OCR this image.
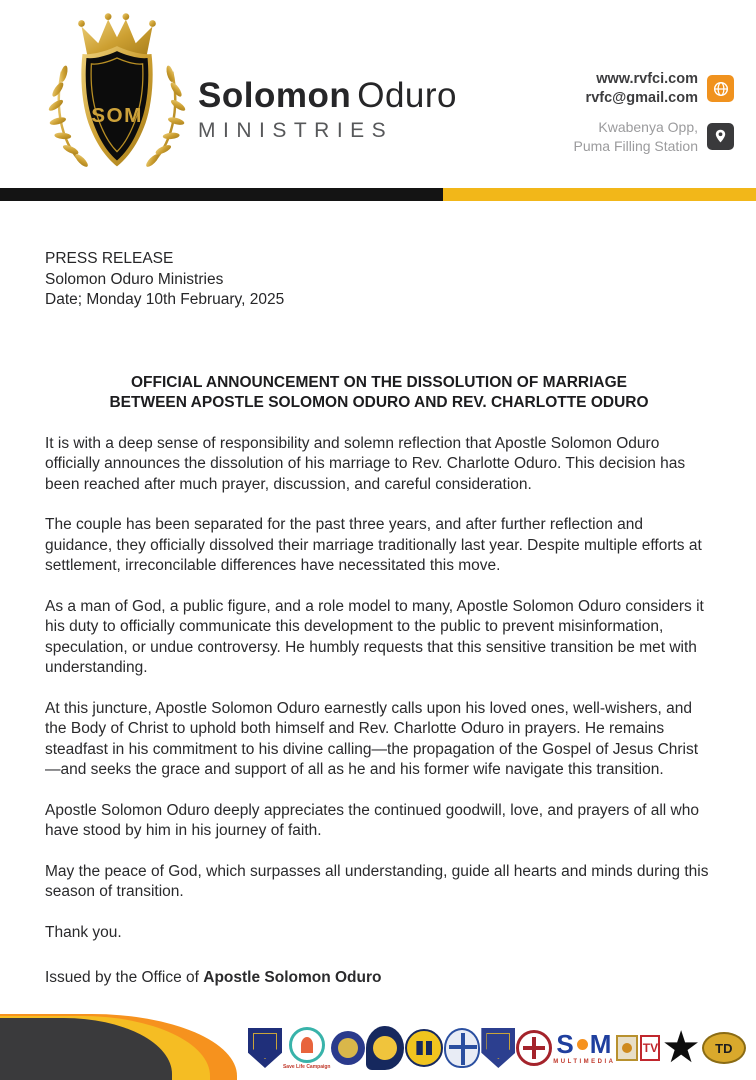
SOM
Solomon Oduro
MINISTRIES
www.rvfci.com
rvfc@gmail.com
Kwabenya Opp,
Puma Filling Station
PRESS RELEASE
Solomon Oduro Ministries
Date; Monday 10th February, 2025
OFFICIAL ANNOUNCEMENT ON THE DISSOLUTION OF MARRIAGE
BETWEEN APOSTLE SOLOMON ODURO AND REV. CHARLOTTE ODURO

It is with a deep sense of responsibility and solemn reflection that Apostle Solomon Oduro officially announces the dissolution of his marriage to Rev. Charlotte Oduro. This decision has been reached after much prayer, discussion, and careful consideration.

The couple has been separated for the past three years, and after further reflection and guidance, they officially dissolved their marriage traditionally last year. Despite multiple efforts at settlement, irreconcilable differences have necessitated this move.

As a man of God, a public figure, and a role model to many, Apostle Solomon Oduro considers it his duty to officially communicate this development to the public to prevent misinformation, speculation, or undue controversy. He humbly requests that this sensitive transition be met with understanding.

At this juncture, Apostle Solomon Oduro earnestly calls upon his loved ones, well-wishers, and the Body of Christ to uphold both himself and Rev. Charlotte Oduro in prayers. He remains steadfast in his commitment to his divine calling—the propagation of the Gospel of Jesus Christ—and seeks the grace and support of all as he and his former wife navigate this transition.

Apostle Solomon Oduro deeply appreciates the continued goodwill, love, and prayers of all who have stood by him in his journey of faith.

May the peace of God, which surpasses all understanding, guide all hearts and minds during this season of transition.

Thank you.

Issued by the Office of Apostle Solomon Oduro

Save Life Campaign
S M
MULTIMEDIA
TV ★	TD
